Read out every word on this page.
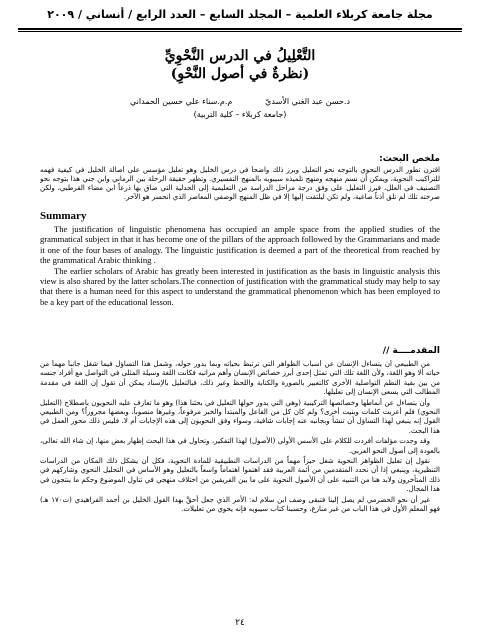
مجلة جامعة كربلاء العلمية – المجلد السابع – العدد الرابع / أنساني / ٢٠٠٩
التَّعْلِيلُ في الدرس النَّحْوِيِّ
(نظرةٌ في أصول النَّحْوِ)
د.حسن عبد الغني الأسديّ
م.م.سناء علي حسين الحمداني
(جامعة كربلاء – كلية التربية)
ملخص البحث:
اقترن تطور الدرس النحوي بالتوجه نحو التعليل وبرز ذلك واضحاً في درس الخليل وهو تعليل مؤسس على أصالة الخليل في كيفية فهمه للتراكيب النحوية، ويمكن أن نسم منهجه ومنهج تلميذه سيبويه بالمنهج التفسيري. وتظهر حقيقة الرحلة بين الرماني وابن جني هذا بتوجه نحو التصنيف في العلل، فبرز التعليل على وفق درجة مراحل الدراسة من التعليمية إلى الجدلية التي ضاق بها ذرعاً ابن مضاء القرطبي، ولكن صرخته تلك لم تلق أذناً صاغية، ولم تكن ليلتفت إليها إلا في ظل المنهج الوصفي المعاصر الذي انحسر هو الآخر.
Summary

The justification of linguistic phenomena has occupied an ample space from the applied studies of the grammatical subject in that it has become one of the pillars of the approach followed by the Grammarians and made it one of the four bases of analogy. The linguistic justification is deemed a part of the theoretical from reached by the grammatical Arabic thinking .

The earlier scholars of Arabic has greatly been interested in justification as the basis in linguistic analysis this view is also shared by the latter scholars.The connection of justification with the grammatical study may help to say that there is a human need for this aspect to understand the grammatical phenomenon which has been employed to be a key part of the educational lesson.

المقدمــــة //

من الطبيعي أن يتساءل الإنسان عن أسباب الظواهر التي ترتبط بحياته وبما يدور حوله، وشمل هذا التساؤل فيما شغل جانباً مهماً من حياته ألا وهو اللغة، ولأن اللغة تلك التي تمثل إحدى أبرز خصائص الإنسان وأهم مراتبه فكانت اللغة وسيلة المثلى في التواصل مع أفراد جنسه من بين بقية النظم التواصلية الأخرى كالتعبير بالصورة والكتابة واللحظ وغير ذلك، فبالتعليل بالإسناد يمكن أن تقول إن اللغة في مقدمة المطالب التي يسعى الإنسان إلى تعليلها.

وأن يتساءل عن أنماطها وخصائصها التركيبية (وهي التي يدور حولها التعليل في بحثنا هذا) وهو ما تعارف عليه النحويون باصطلاح (التعليل النحوي) فلم أعربت كلمات وبنيت أخرى؟ ولم كان كل من الفاعل والمبتدأ والخبر مرفوعاً، وغيرها منصوباً، وبعضها مجروراً؟ ومن الطبيعي القول إنه ينبغي لهذا التساؤل أن تنشأ وبجانبه عنه إجابات شافية، وسواء وفق النحويون إلى هذه الإجابات أم لا، فليس ذلك محور العمل في هذا البحث.

وقد وجدت مؤلفات أفردت للكلام على الأسس الأولى (الأصول) لهذا التفكير، وتحاول في هذا البحث إظهار بعض منها، إن شاء الله تعالى، بالعودة إلى أصول النحو العربي.

نقول إن تعليل الظواهر النحوية شغل حيزاً مهماً من الدراسات التطبيقية للمادة النحوية، فكل أن يشكل ذلك المكان من الدراسات التنظيرية، وينبغي إذا أن نحدد المتقدمين من أئمة العربية فقد اهتموا اهتماماً واسعاً بالتعليل وهو الأساس في التحليل النحوي وشاركهم في ذلك المتأخرون ولابد هنا من التنبيه على أن الأصول النحوية على ما بين الفريقين من اختلاف منهجي في تناول الموضوع وحكم ما ينتجون في هذا المجال.

غير أن نحو الحضرمي لم يصل إلينا فتبقى وصف ابن سلام له: الأمر الذي جعل أحقَّ بهذا القول الخليل بن أحمد الفراهيدي (ت١٧٠ هـ) فهو المعلم الأول في هذا الباب من غير منازع، وحسبنا كتاب سيبويه فإنه يحوي من تعليلات.

٢٤
